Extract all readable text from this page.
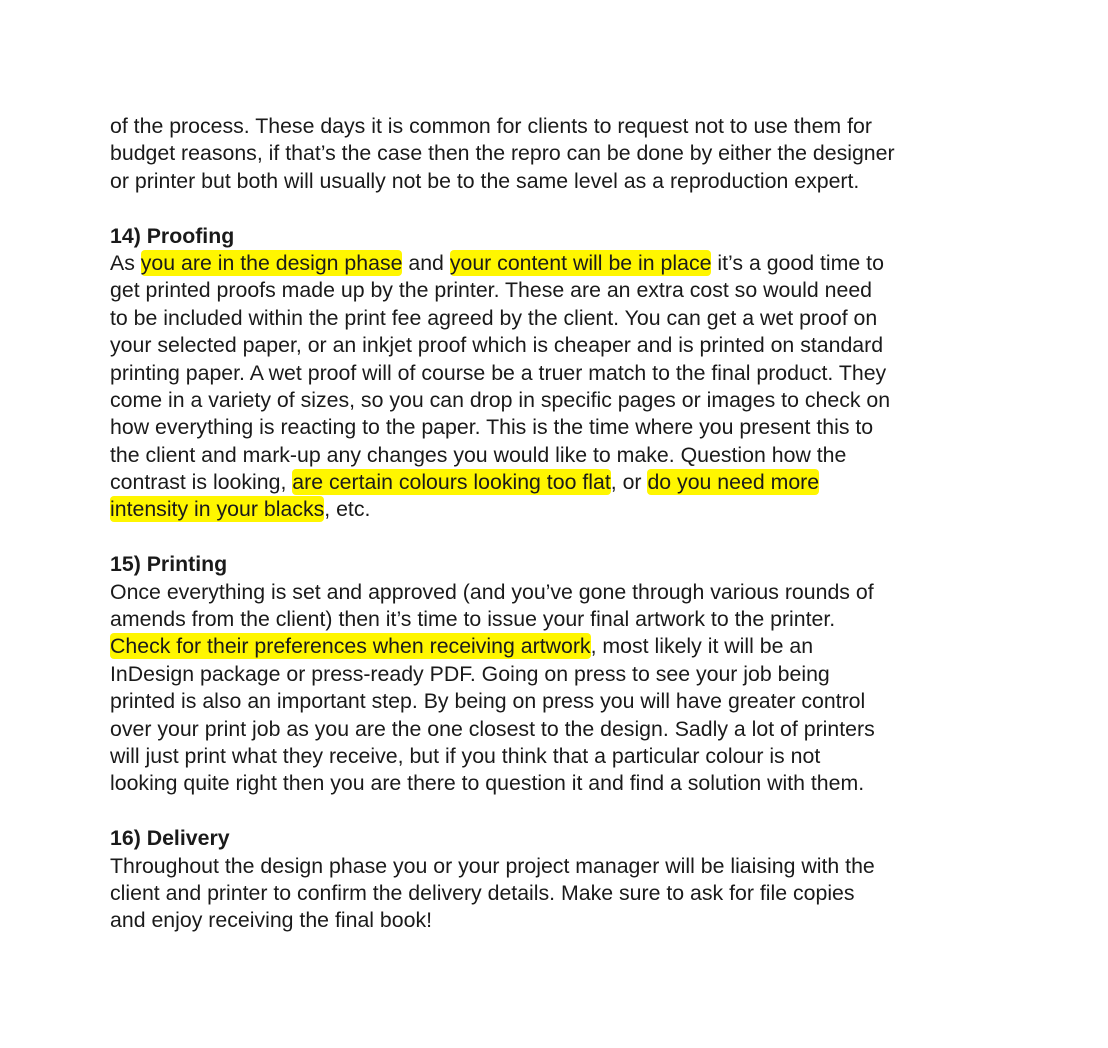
of the process. These days it is common for clients to request not to use them for
budget reasons, if that’s the case then the repro can be done by either the designer
or printer but both will usually not be to the same level as a reproduction expert.
14) Proofing
As you are in the design phase and your content will be in place it’s a good time to
get printed proofs made up by the printer. These are an extra cost so would need
to be included within the print fee agreed by the client. You can get a wet proof on
your selected paper, or an inkjet proof which is cheaper and is printed on standard
printing paper. A wet proof will of course be a truer match to the final product. They
come in a variety of sizes, so you can drop in specific pages or images to check on
how everything is reacting to the paper. This is the time where you present this to
the client and mark-up any changes you would like to make. Question how the
contrast is looking, are certain colours looking too flat, or do you need more
intensity in your blacks, etc.
15) Printing
Once everything is set and approved (and you’ve gone through various rounds of
amends from the client) then it’s time to issue your final artwork to the printer.
Check for their preferences when receiving artwork, most likely it will be an
InDesign package or press-ready PDF. Going on press to see your job being
printed is also an important step. By being on press you will have greater control
over your print job as you are the one closest to the design. Sadly a lot of printers
will just print what they receive, but if you think that a particular colour is not
looking quite right then you are there to question it and find a solution with them.
16) Delivery
Throughout the design phase you or your project manager will be liaising with the
client and printer to confirm the delivery details. Make sure to ask for file copies
and enjoy receiving the final book!
